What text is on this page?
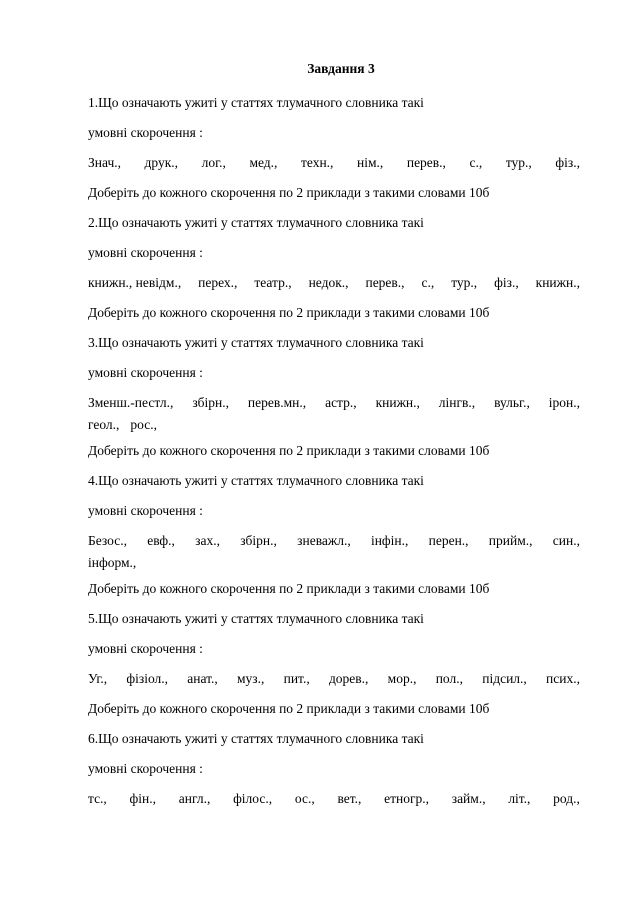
Завдання 3
1.Що означають ужиті у статтях тлумачного словника такі
умовні скорочення :
Знач., друк., лог., мед., техн., нім., перев., с., тур., фіз.,
Доберіть до кожного скорочення по 2 приклади з такими словами 10б
2.Що означають ужиті у статтях тлумачного словника такі
умовні скорочення :
книжн., невідм., перех., театр., недок., перев., с., тур., фіз., книжн.,
Доберіть до кожного скорочення по 2 приклади з такими словами 10б
3.Що означають ужиті у статтях тлумачного словника такі
умовні скорочення :
Зменш.-пестл., збірн., перев.мн., астр., книжн., лінгв., вульг., ірон.,
геол., рос.,
Доберіть до кожного скорочення по 2 приклади з такими словами 10б
4.Що означають ужиті у статтях тлумачного словника такі
умовні скорочення :
Безос., евф., зах., збірн., зневажл., інфін., перен., прийм., син.,
інформ.,
Доберіть до кожного скорочення по 2 приклади з такими словами 10б
5.Що означають ужиті у статтях тлумачного словника такі
умовні скорочення :
Уг., фізіол., анат., муз., пит., дорев., мор., пол., підсил., псих.,
Доберіть до кожного скорочення по 2 приклади з такими словами 10б
6.Що означають ужиті у статтях тлумачного словника такі
умовні скорочення :
тс., фін., англ., філос., ос., вет., етногр., займ., літ., род.,
